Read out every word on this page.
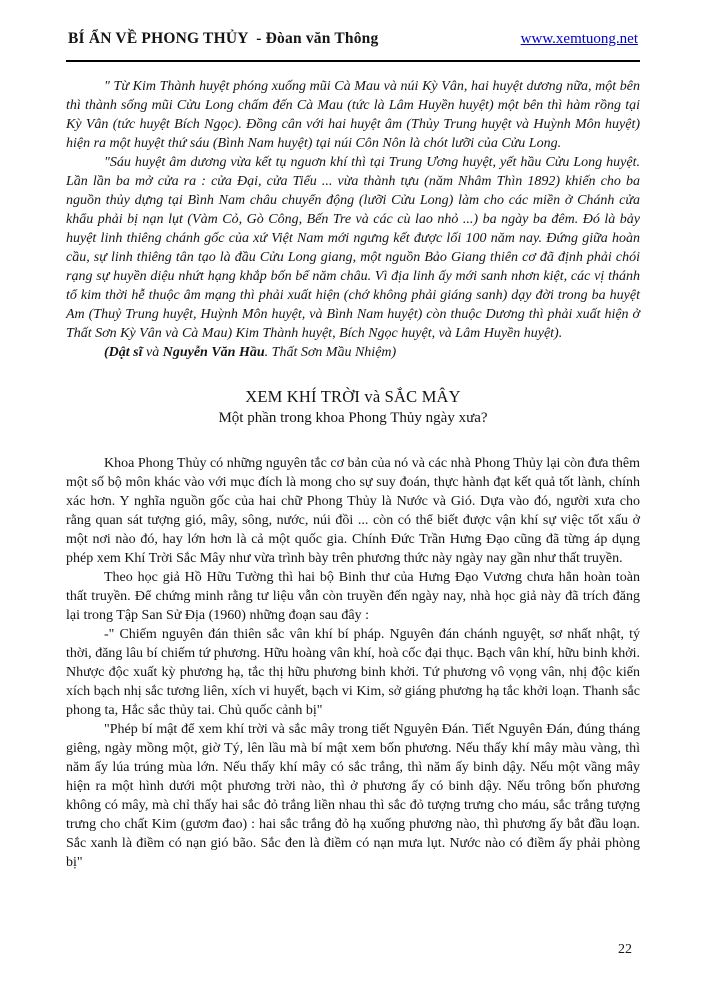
BÍ ẨN VỀ PHONG THỦY  - Đòan văn Thông	www.xemtuong.net

" Từ Kim Thành huyệt phóng xuống mũi Cà Mau và núi Kỳ Vân, hai huyệt dương nữa, một bên thì thành sống mũi Cửu Long chấm đến Cà Mau (tức là Lâm Huyền huyệt) một bên thì hàm rồng tại Kỳ Vân (tức huyệt Bích Ngọc). Đồng cân với hai huyệt âm (Thủy Trung huyệt và Huỳnh Môn huyệt) hiện ra một huyệt thứ sáu (Bình Nam huyệt) tại núi Côn Nôn là chót lưỡi của Cửu Long.

"Sáu huyệt âm dương vừa kết tụ nguơn khí thì tại Trung Ương huyệt, yết hầu Cửu Long huyệt. Lần lần ba mở cửa ra : cửa Đại, cửa Tiểu ... vừa thành tựu (năm Nhâm Thìn 1892) khiến cho ba nguồn thủy dựng tại Bình Nam châu chuyển động (lưỡi Cửu Long) làm cho các miền ở Chánh cửa khẩu phải bị nạn lụt (Vàm Cỏ, Gò Công, Bến Tre và các cù lao nhỏ ...) ba ngày ba đêm. Đó là bảy huyệt linh thiêng chánh gốc của xứ Việt Nam mới ngưng kết được lối 100 năm nay. Đứng giữa hoàn cầu, sự linh thiêng tân tạo là đầu Cửu Long giang, một nguồn Bảo Giang thiên cơ đã định phải chói rạng sự huyền diệu nhứt hạng khắp bốn bể năm châu. Vì địa linh ấy mới sanh nhơn kiệt, các vị thánh tổ kim thời hễ thuộc âm mạng thì phải xuất hiện (chớ không phải giáng sanh) dạy đời trong ba huyệt Am (Thuỷ Trung huyệt, Huỳnh Môn huyệt, và Bình Nam huyệt) còn thuộc Dương thì phải xuất hiện ở Thất Sơn Kỳ Vân và Cà Mau) Kim Thành huyệt, Bích Ngọc huyệt, và Lâm Huyền huyệt).

(Dật sĩ và Nguyễn Văn Hầu. Thất Sơn Mầu Nhiệm)

XEM KHÍ TRỜI và SẮC MÂY
Một phần trong khoa Phong Thủy ngày xưa?

Khoa Phong Thủy có những nguyên tắc cơ bản của nó và các nhà Phong Thủy lại còn đưa thêm một số bộ môn khác vào với mục đích là mong cho sự suy đoán, thực hành đạt kết quả tốt lành, chính xác hơn. Y nghĩa nguồn gốc của hai chữ Phong Thủy là Nước và Gió. Dựa vào đó, người xưa cho rằng quan sát tượng gió, mây, sông, nước, núi đồi ... còn có thể biết được vận khí sự việc tốt xấu ở một nơi nào đó, hay lớn hơn là cả một quốc gia. Chính Đức Trần Hưng Đạo cũng đã từng áp dụng phép xem Khí Trời Sắc Mây như vừa trình bày trên phương thức này ngày nay gần như thất truyền.

Theo học giả Hồ Hữu Tường thì hai bộ Binh thư của Hưng Đạo Vương chưa hẳn hoàn toàn thất truyền. Để chứng minh rằng tư liệu vẫn còn truyền đến ngày nay, nhà học giả này đã trích đăng lại trong Tập San Sử Địa (1960) những đoạn sau đây :

-" Chiếm nguyên đán thiên sắc vân khí bí pháp. Nguyên đán chánh nguyệt, sơ nhất nhật, tý thời, đăng lâu bí chiếm tứ phương. Hữu hoàng vân khí, hoà cốc đại thục. Bạch vân khí, hữu binh khởi. Nhược độc xuất kỳ phương hạ, tắc thị hữu phương binh khởi. Tứ phương vô vọng vân, nhị độc kiến xích bạch nhị sắc tương liên, xích vi huyết, bạch vi Kim, sở giáng phương hạ tắc khởi loạn. Thanh sắc phong ta, Hắc sắc thủy tai. Chủ quốc cảnh bị"

"Phép bí mật để xem khí trời và sắc mây trong tiết Nguyên Đán. Tiết Nguyên Đán, đúng tháng giêng, ngày mồng một, giờ Tý, lên lầu mà bí mật xem bốn phương. Nếu thấy khí mây màu vàng, thì năm ấy lúa trúng mùa lớn. Nếu thấy khí mây có sắc trắng, thì năm ấy binh dậy. Nếu một vầng mây hiện ra một hình dưới một phương trời nào, thì ở phương ấy có binh dậy. Nếu trông bốn phương không có mây, mà chỉ thấy hai sắc đỏ trắng liền nhau thì sắc đỏ tượng trưng cho máu, sắc trắng tượng trưng cho chất Kim (gươm đao) : hai sắc trắng đỏ hạ xuống phương nào, thì phương ấy bắt đầu loạn. Sắc xanh là điềm có nạn gió bão. Sắc đen là điềm có nạn mưa lụt. Nước nào có điềm ấy phải phòng bị"

22
